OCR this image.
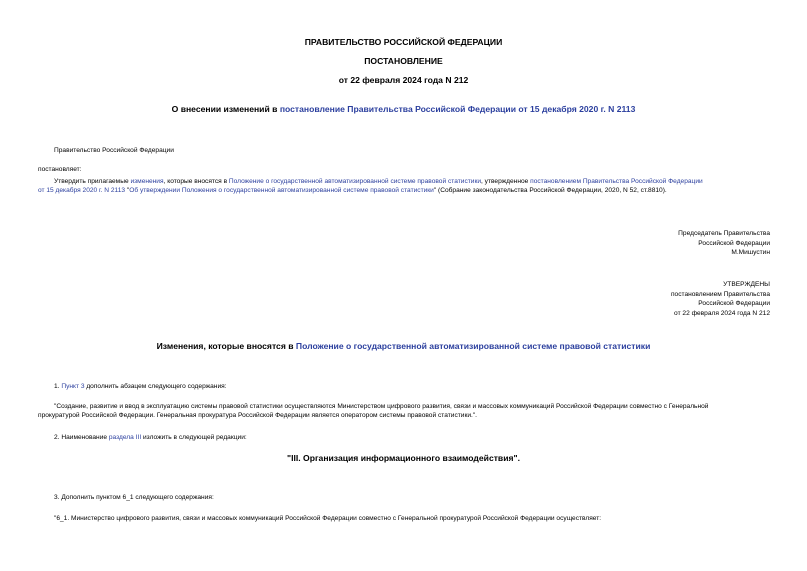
ПРАВИТЕЛЬСТВО РОССИЙСКОЙ ФЕДЕРАЦИИ
ПОСТАНОВЛЕНИЕ
от 22 февраля 2024 года N 212
О внесении изменений в постановление Правительства Российской Федерации от 15 декабря 2020 г. N 2113
Правительство Российской Федерации
постановляет:
Утвердить прилагаемые изменения, которые вносятся в Положение о государственной автоматизированной системе правовой статистики, утвержденное постановлением Правительства Российской Федерации
от 15 декабря 2020 г. N 2113 "Об утверждении Положения о государственной автоматизированной системе правовой статистики" (Собрание законодательства Российской Федерации, 2020, N 52, ст.8810).
Председатель Правительства
Российской Федерации
М.Мишустин
УТВЕРЖДЕНЫ
постановлением Правительства
Российской Федерации
от 22 февраля 2024 года N 212
Изменения, которые вносятся в Положение о государственной автоматизированной системе правовой статистики
1. Пункт 3 дополнить абзацем следующего содержания:
"Создание, развитие и ввод в эксплуатацию системы правовой статистики осуществляются Министерством цифрового развития, связи и массовых коммуникаций Российской Федерации совместно с Генеральной
прокуратурой Российской Федерации. Генеральная прокуратура Российской Федерации является оператором системы правовой статистики.".
2. Наименование раздела III изложить в следующей редакции:
"III. Организация информационного взаимодействия".
3. Дополнить пунктом 6_1 следующего содержания:
"6_1. Министерство цифрового развития, связи и массовых коммуникаций Российской Федерации совместно с Генеральной прокуратурой Российской Федерации осуществляет:
